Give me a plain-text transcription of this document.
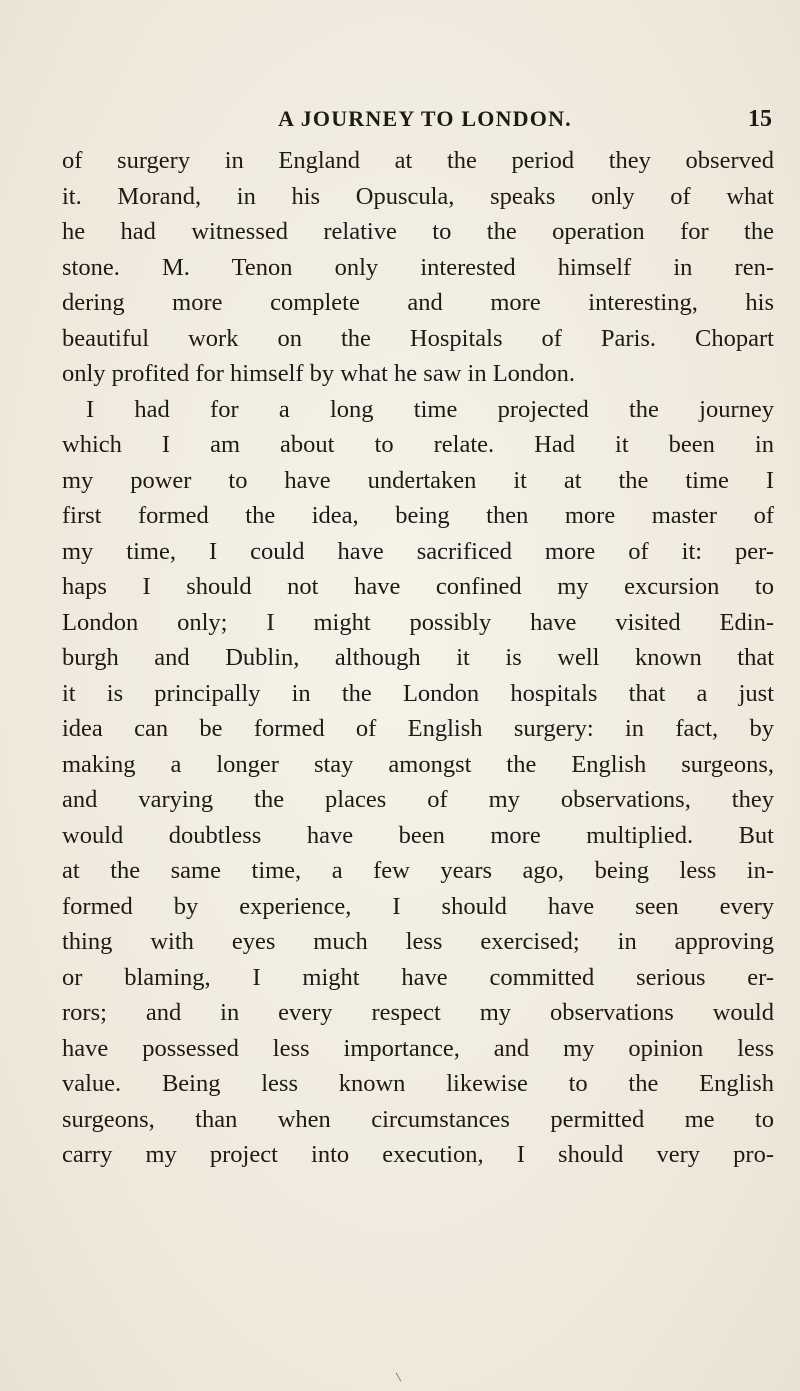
A JOURNEY TO LONDON.	15
of surgery in England at the period they observed
it. Morand, in his Opuscula, speaks only of what
he had witnessed relative to the operation for the
stone. M. Tenon only interested himself in ren-
dering more complete and more interesting, his
beautiful work on the Hospitals of Paris. Chopart
only profited for himself by what he saw in London.
I had for a long time projected the journey
which I am about to relate. Had it been in
my power to have undertaken it at the time I
first formed the idea, being then more master of
my time, I could have sacrificed more of it: per-
haps I should not have confined my excursion to
London only; I might possibly have visited Edin-
burgh and Dublin, although it is well known that
it is principally in the London hospitals that a just
idea can be formed of English surgery: in fact, by
making a longer stay amongst the English surgeons,
and varying the places of my observations, they
would doubtless have been more multiplied. But
at the same time, a few years ago, being less in-
formed by experience, I should have seen every
thing with eyes much less exercised; in approving
or blaming, I might have committed serious er-
rors; and in every respect my observations would
have possessed less importance, and my opinion less
value. Being less known likewise to the English
surgeons, than when circumstances permitted me to
carry my project into execution, I should very pro-
